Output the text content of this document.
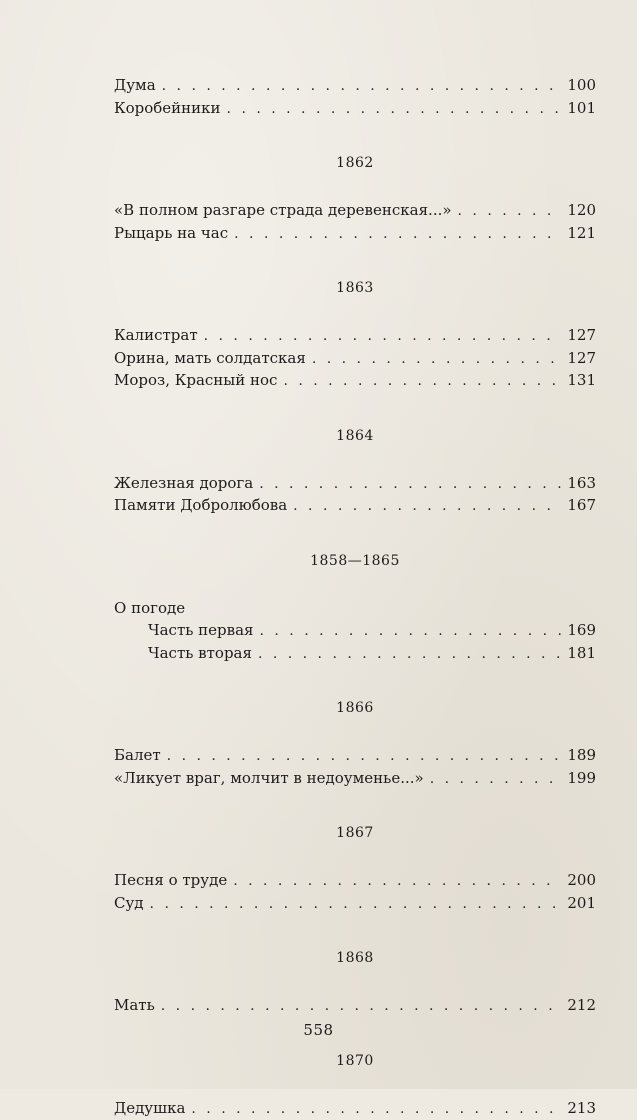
Дума . . .	100
Коробейники . . .	101
1862
«В полном разгаре страда деревенская...» . . .	120
Рыцарь на час . . .	121
1863
Калистрат . . .	127
Орина, мать солдатская . . .	127
Мороз, Красный нос . . .	131
1864
Железная дорога . . .	163
Памяти Добролюбова . . .	167
1858—1865
О погоде
Часть первая . . .	169
Часть вторая . . .	181
1866
Балет . . .	189
«Ликует враг, молчит в недоуменье...» . . .	199
1867
Песня о труде . . .	200
Суд . . .	201
1868
Мать . . .	212
1870
Дедушка . . .	213
558
